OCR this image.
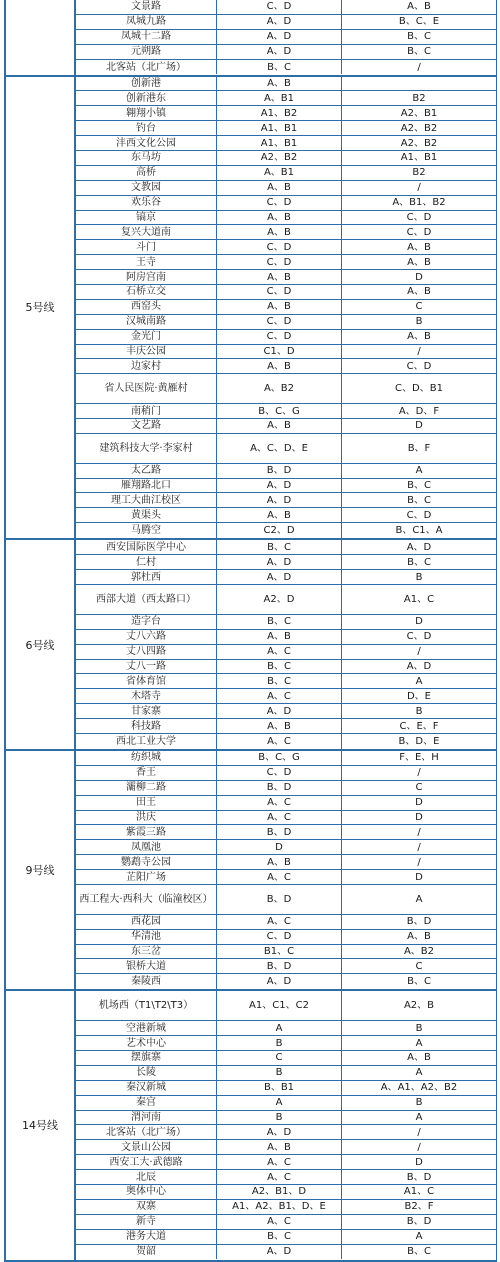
文景路	C、D	A、B
凤城九路	A、D	B、C、E
凤城十二路	A、D	B、C
元朔路	A、D	B、C
北客站（北广场）	B、C	/
5号线
创新港	A、B
创新港东	A、B1	B2
翱翔小镇	A1、B2	A2、B1
钓台	A1、B1	A2、B2
沣西文化公园	A1、B1	A2、B2
东马坊	A2、B2	A1、B1
高桥	A、B1	B2
文教园	A、B	/
欢乐谷	C、D	A、B1、B2
镐京	A、B	C、D
复兴大道南	A、B	C、D
斗门	C、D	A、B
王寺	C、D	A、B
阿房宫南	A、B	D
石桥立交	C、D	A、B
西窑头	A、B	C
汉城南路	C、D	B
金光门	C、D	A、B
丰庆公园	C1、D	/
边家村	A、B	C、D
省人民医院·黄雁村	A、B2	C、D、B1
南稍门	B、C、G	A、D、F
文艺路	A、B	D
建筑科技大学·李家村	A、C、D、E	B、F
太乙路	B、D	A
雁翔路北口	A、D	B、C
理工大曲江校区	A、D	B、C
黄渠头	A、B	C、D
马腾空	C2、D	B、C1、A
6号线
西安国际医学中心	B、C	A、D
仁村	A、D	B、C
郭杜西	A、D	B
西部大道（西太路口）	A2、D	A1、C
造字台	B、C	D
丈八六路	A、B	C、D
丈八四路	A、C	/
丈八一路	B、C	A、D
省体育馆	B、C	A
木塔寺	A、C	D、E
甘家寨	A、D	B
科技路	A、B	C、E、F
西北工业大学	A、C	B、D、E
9号线
纺织城	B、C、G	F、E、H
香王	C、D	/
灞柳二路	B、D	C
田王	A、C	D
洪庆	A、C	D
紫霞三路	B、D	/
凤凰池	D	/
鹦鹉寺公园	A、B	/
芷阳广场	A、C	D
西工程大·西科大（临潼校区）	B、D	A
西花园	A、C	B、D
华清池	C、D	A、B
东三岔	B1、C	A、B2
银桥大道	B、D	C
秦陵西	A、D	B、C
14号线
机场西（T1\T2\T3）	A1、C1、C2	A2、B
空港新城	A	B
艺术中心	B	A
摆旗寨	C	A、B
长陵	B	A
秦汉新城	B、B1	A、A1、A2、B2
秦宫	A	B
渭河南	B	A
北客站（北广场）	A、D	/
文景山公园	A、B	/
西安工大·武德路	A、C	D
北辰	A、C	B、D
奥体中心	A2、B1、D	A1、C
双寨	A1、A2、B1、D、E	B2、F
新寺	A、C	B、D
港务大道	B、C	A
贺韶	A、D	B、C
